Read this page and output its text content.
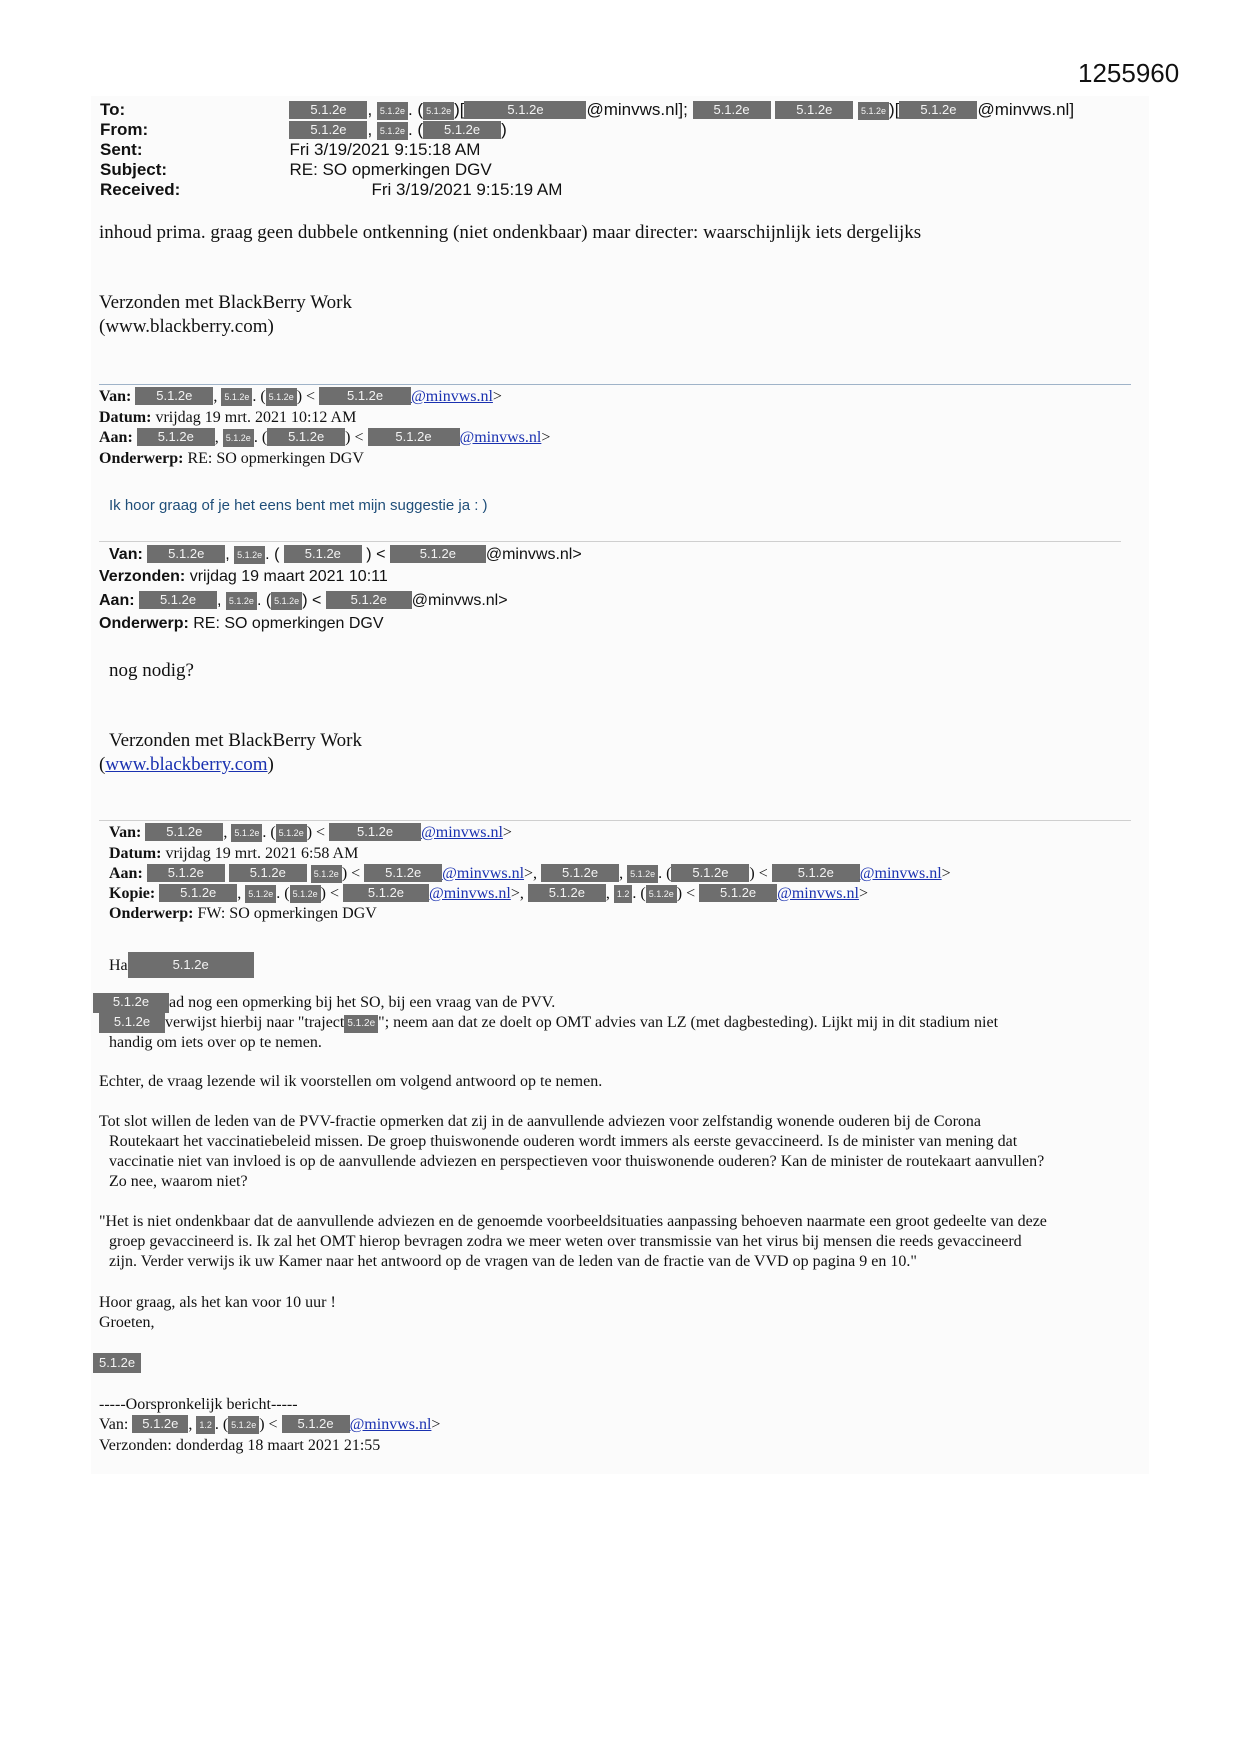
1255960
To:	5.1.2e , 5.1.2e . ( 5.1.2e )[	5.1.2e	@minvws.nl]; 5.1.2e	5.1.2e	5.1.2e )[ 5.1.2e @minvws.nl]
From:	5.1.2e , 5.1.2e . ( 5.1.2e )
Sent:	Fri 3/19/2021 9:15:18 AM
Subject:	RE: SO opmerkingen DGV
Received:	Fri 3/19/2021 9:15:19 AM
inhoud prima. graag geen dubbele ontkenning (niet ondenkbaar) maar directer: waarschijnlijk iets dergelijks
Verzonden met BlackBerry Work
(www.blackberry.com)
Van: 5.1.2e , 5.1.2e . ( 5.1.2e ) < 5.1.2e @minvws.nl>
Datum: vrijdag 19 mrt. 2021 10:12 AM
Aan: 5.1.2e , 5.1.2e . ( 5.1.2e ) < 5.1.2e @minvws.nl>
Onderwerp: RE: SO opmerkingen DGV
Ik hoor graag of je het eens bent met mijn suggestie ja : )
Van: 5.1.2e , 5.1.2e . ( 5.1.2e ) < 5.1.2e @minvws.nl>
Verzonden: vrijdag 19 maart 2021 10:11
Aan: 5.1.2e , 5.1.2e . ( 5.1.2e ) < 5.1.2e @minvws.nl>
Onderwerp: RE: SO opmerkingen DGV
nog nodig?
Verzonden met BlackBerry Work
(www.blackberry.com)
Van: 5.1.2e , 5.1.2e . ( 5.1.2e ) < 5.1.2e @minvws.nl>
Datum: vrijdag 19 mrt. 2021 6:58 AM
Aan: 5.1.2e	5.1.2e	5.1.2e ) < 5.1.2e @minvws.nl>, 5.1.2e , 5.1.2e . ( 5.1.2e ) < 5.1.2e @minvws.nl>
Kopie: 5.1.2e , 5.1.2e . ( 5.1.2e ) < 5.1.2e @minvws.nl>, 5.1.2e , 1.2 . ( 5.1.2e ) < 5.1.2e @minvws.nl>
Onderwerp: FW: SO opmerkingen DGV
Ha	5.1.2e
5.1.2e ad nog een opmerking bij het SO, bij een vraag van de PVV.
5.1.2e verwijst hierbij naar "traject 5.1.2e "; neem aan dat ze doelt op OMT advies van LZ (met dagbesteding). Lijkt mij in dit stadium niet
handig om iets over op te nemen.
Echter, de vraag lezende wil ik voorstellen om volgend antwoord op te nemen.
Tot slot willen de leden van de PVV-fractie opmerken dat zij in de aanvullende adviezen voor zelfstandig wonende ouderen bij de Corona
Routekaart het vaccinatiebeleid missen. De groep thuiswonende ouderen wordt immers als eerste gevaccineerd. Is de minister van mening dat
vaccinatie niet van invloed is op de aanvullende adviezen en perspectieven voor thuiswonende ouderen? Kan de minister de routekaart aanvullen?
Zo nee, waarom niet?
"Het is niet ondenkbaar dat de aanvullende adviezen en de genoemde voorbeeldsituaties aanpassing behoeven naarmate een groot gedeelte van deze
groep gevaccineerd is. Ik zal het OMT hierop bevragen zodra we meer weten over transmissie van het virus bij mensen die reeds gevaccineerd
zijn. Verder verwijs ik uw Kamer naar het antwoord op de vragen van de leden van de fractie van de VVD op pagina 9 en 10."
Hoor graag, als het kan voor 10 uur !
Groeten,
5.1.2e
-----Oorspronkelijk bericht-----
Van: 5.1.2e , 1.2 . ( 5.1.2e ) < 5.1.2e @minvws.nl>
Verzonden: donderdag 18 maart 2021 21:55
